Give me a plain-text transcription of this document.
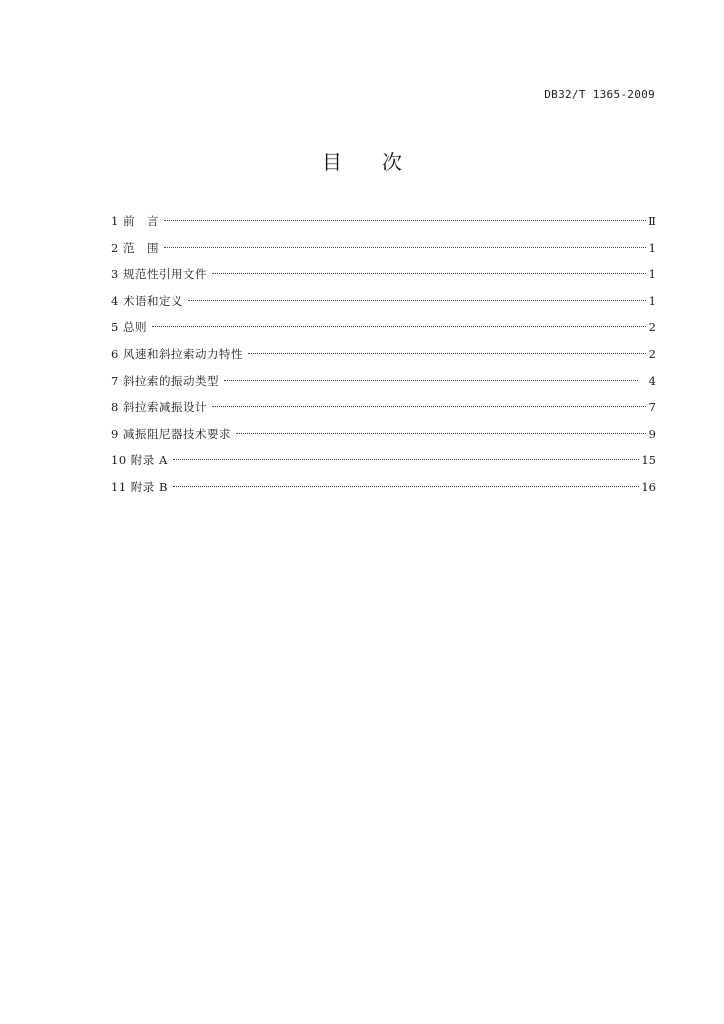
DB32/T 1365-2009
目 次
1 前　言	Ⅱ
2 范　围	1
3 规范性引用文件	1
4 术语和定义	1
5 总则	2
6 风速和斜拉索动力特性	2
7 斜拉索的振动类型	4
8 斜拉索减振设计	7
9 减振阻尼器技术要求	9
10 附录 A	15
11 附录 B	16
